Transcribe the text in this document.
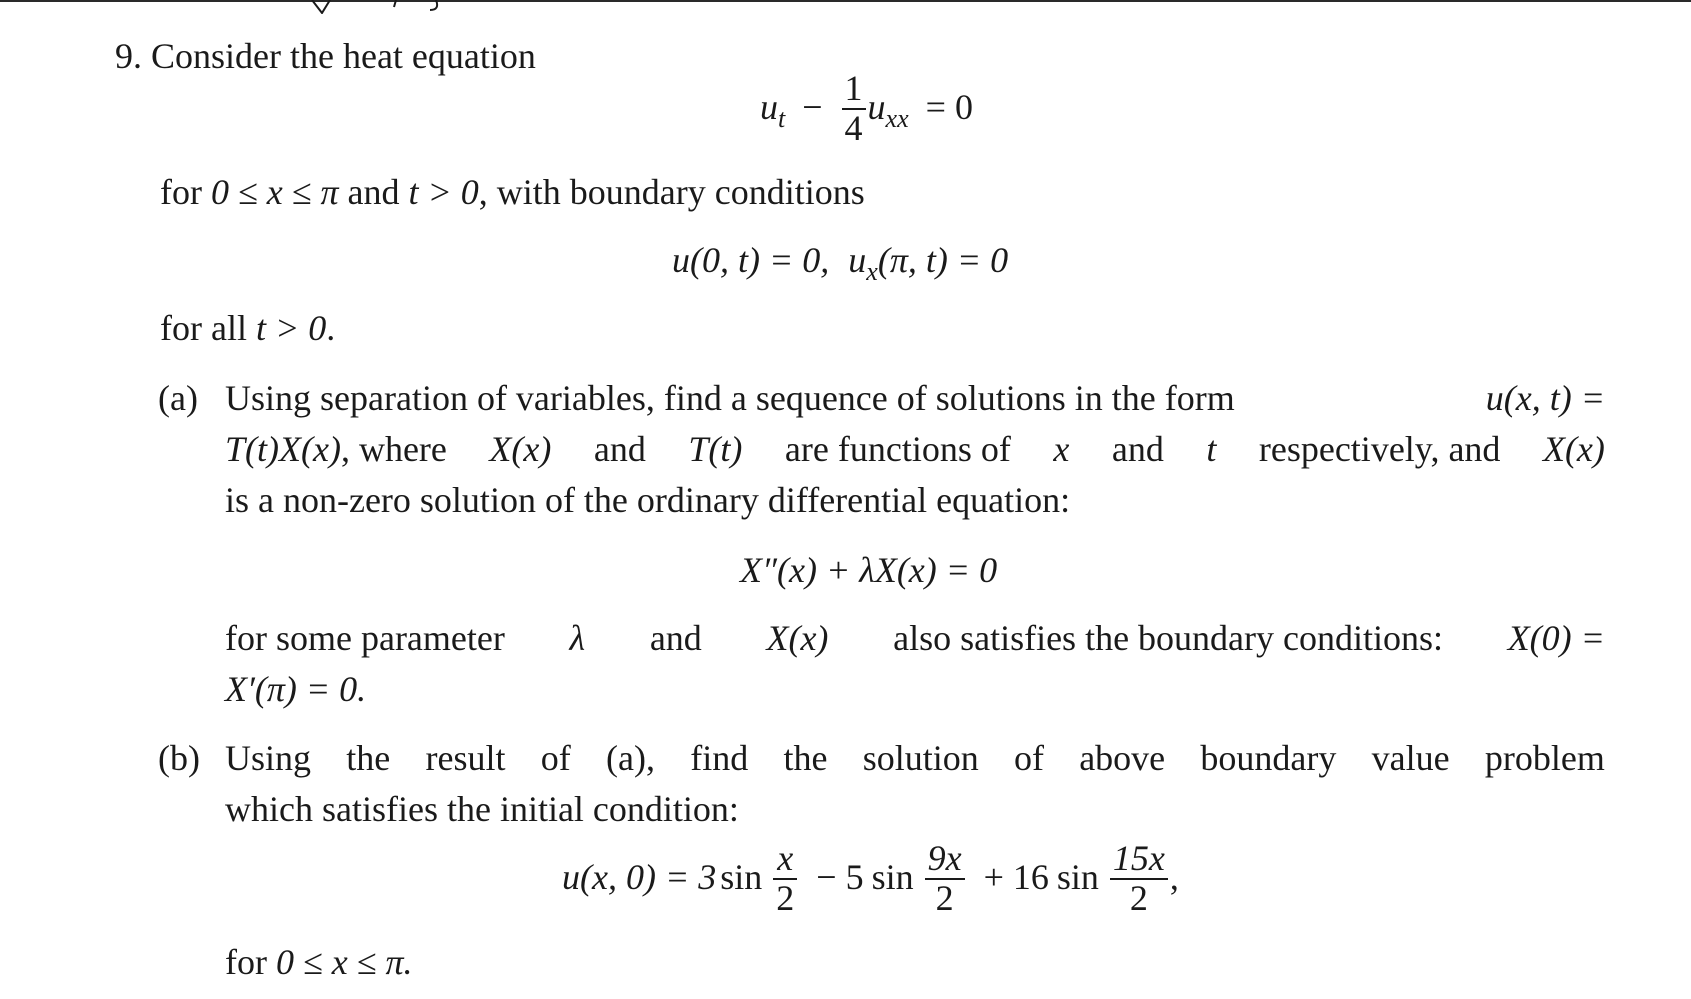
9. Consider the heat equation
$u_t - \frac{1}{4} u_{xx} = 0$
for 0 ≤ x ≤ π and t > 0, with boundary conditions
u(0, t) = 0, $u_x(\pi$, t) = 0
for all t > 0.
(a) Using separation of variables, find a sequence of solutions in the form	u(x, t) =
T(t)X(x), where X(x) and T(t) are functions of x and t respectively, and X(x)
is a non-zero solution of the ordinary differential equation:
X″(x) + λX(x) = 0
for some parameter λ and X(x) also satisfies the boundary conditions: X(0) =
X′(π) = 0.
(b) Using the result of (a), find the solution of above boundary value problem
which satisfies the initial condition:
u(x, 0) = 3 $\sin \frac{x}{2} - 5$ $\sin \frac{9x}{2} + 16$ $\sin \frac{15x}{2}$ ,
for 0 ≤ x ≤ π.
